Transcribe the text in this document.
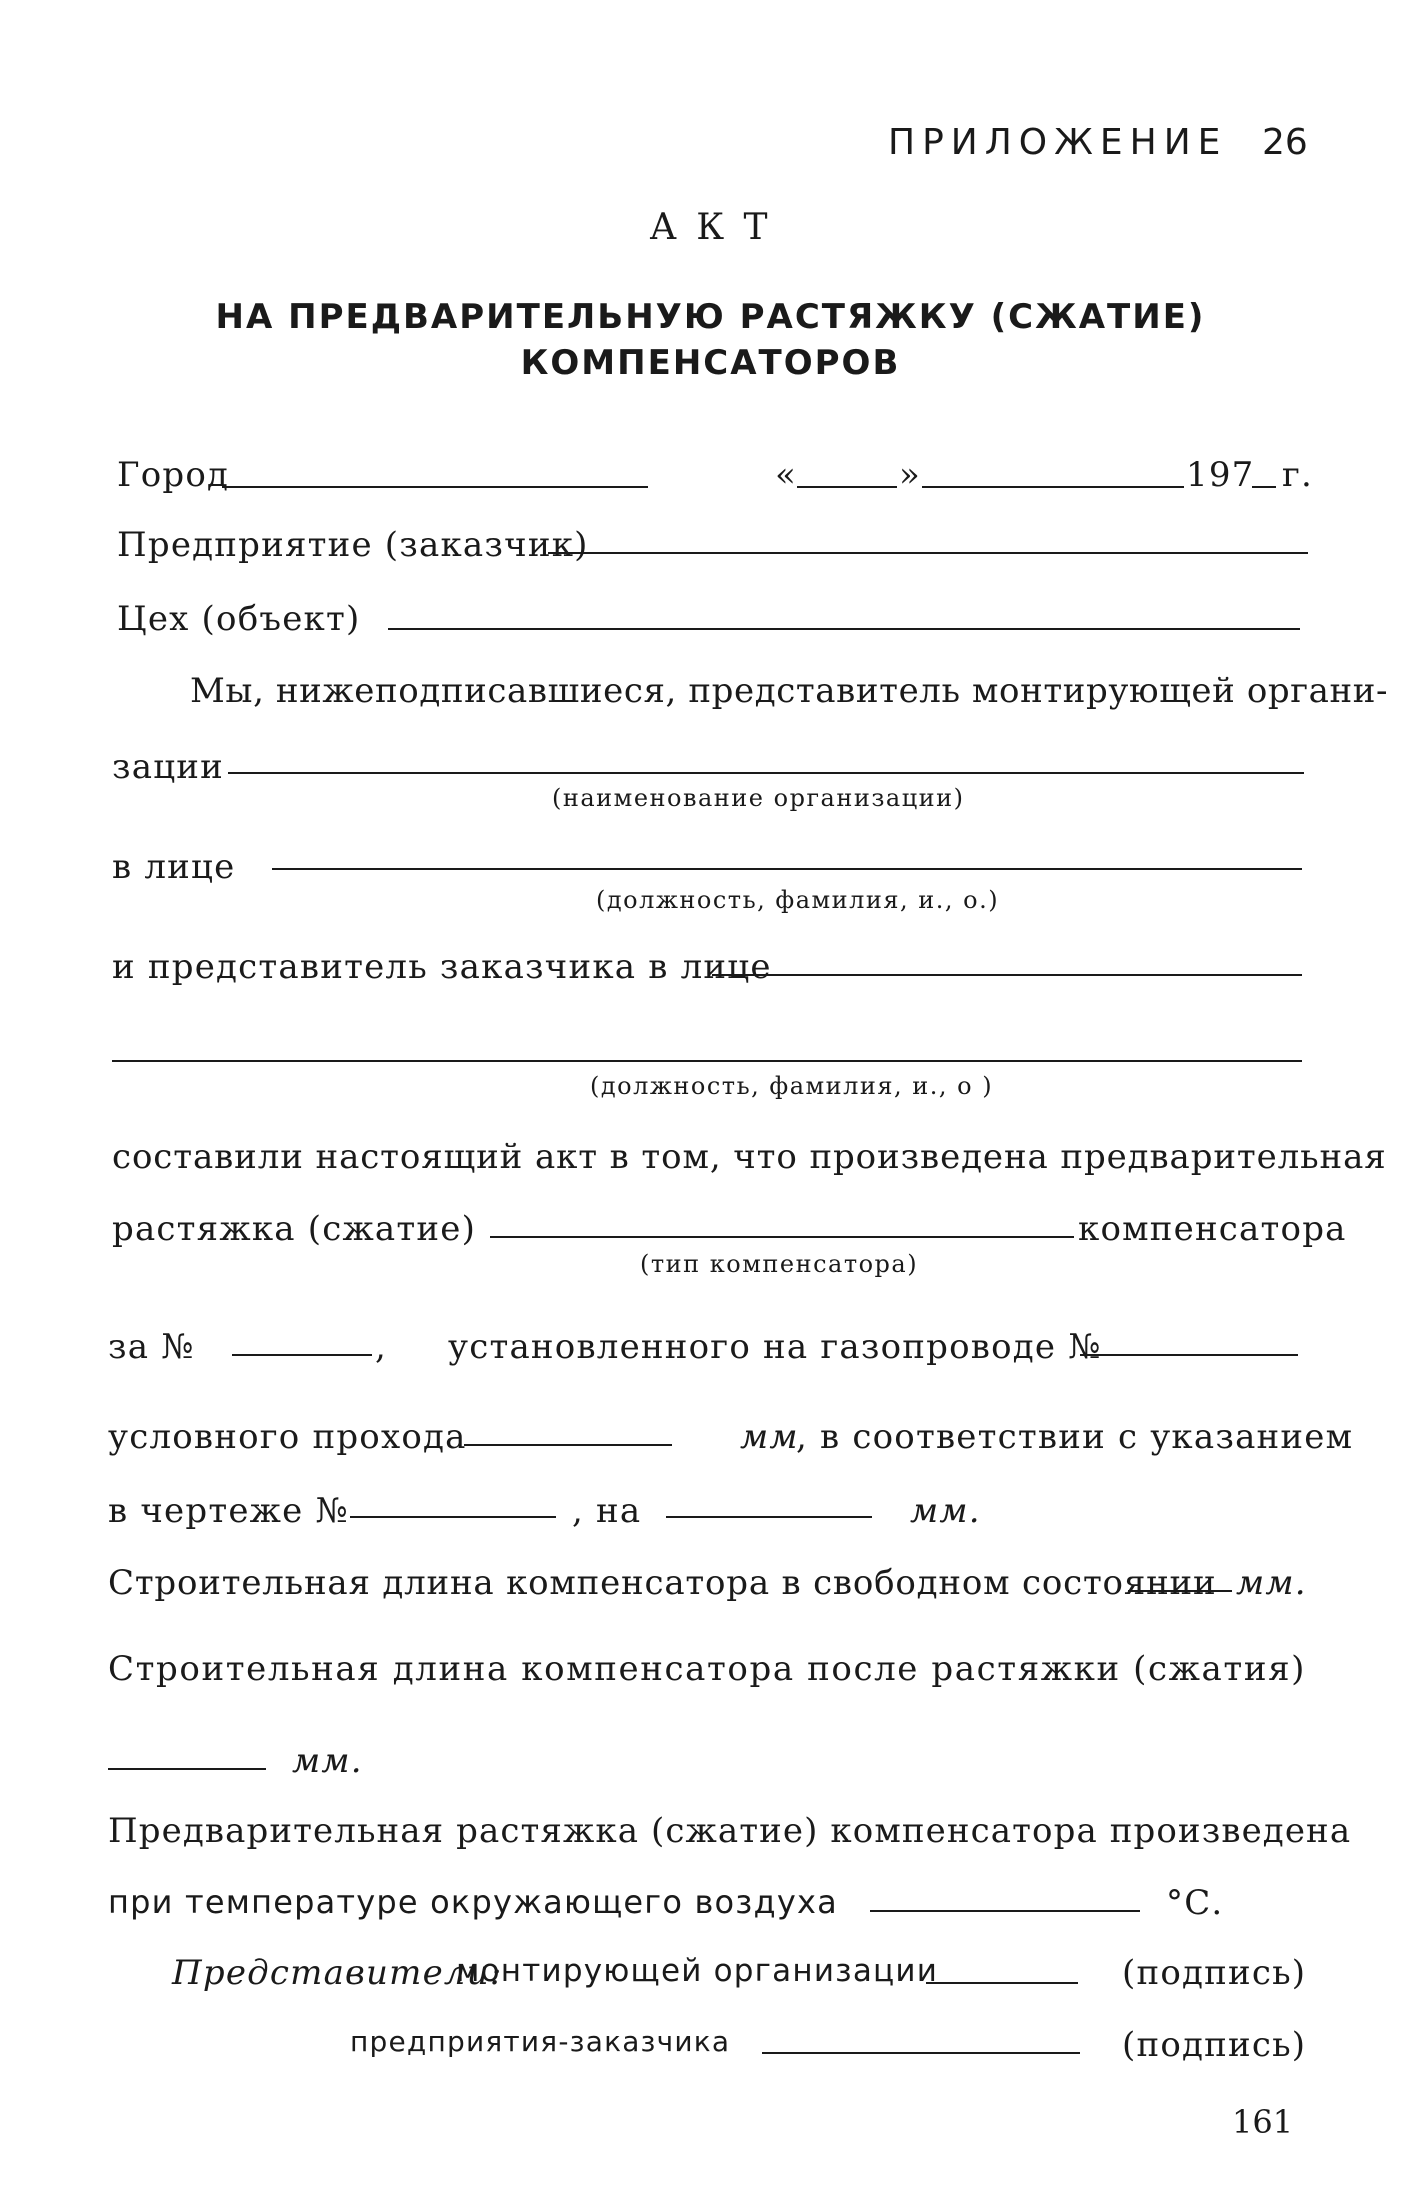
ПРИЛОЖЕНИЕ 26
А К Т
НА ПРЕДВАРИТЕЛЬНУЮ РАСТЯЖКУ (СЖАТИЕ)
КОМПЕНСАТОРОВ
Город	«	»	197 г.
Предприятие (заказчик)
Цех (объект)
Мы, нижеподписавшиеся, представитель монтирующей органи-
зации
(наименование организации)
в лице
(должность, фамилия, и., о.)
и представитель заказчика в лице
(должность, фамилия, и., о )
составили настоящий акт в том, что произведена предварительная
растяжка (сжатие)	компенсатора
(тип компенсатора)
за №	, установленного на газопроводе №
условного прохода	мм
, в соответствии с указанием
в чертеже №	, на	мм.
Строительная длина компенсатора в свободном состоянии мм.
Строительная длина компенсатора после растяжки (сжатия)
мм.
Предварительная растяжка (сжатие) компенсатора произведена
при температуре окружающего воздуха	°С.
Представители:
монтирующей организации	(подпись)
предприятия-заказчика	(подпись)
161
